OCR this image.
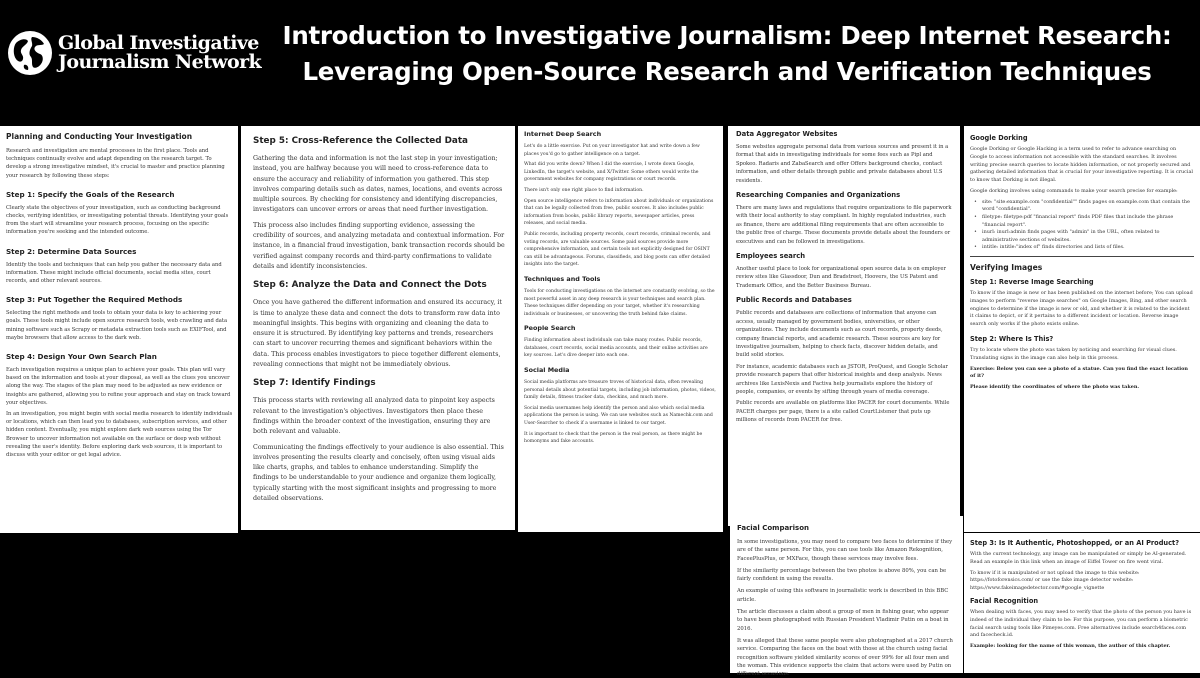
Global Investigative
Journalism Network
Introduction to Investigative Journalism: Deep Internet Research:
Leveraging Open-Source Research and Verification Techniques
Planning and Conducting Your Investigation

Research and investigation are mental processes in the first place. Tools and techniques continually evolve and adapt depending on the research target. To develop a strong investigative mindset, it's crucial to master and practice planning your research by following these steps:

Step 1: Specify the Goals of the Research

Clearly state the objectives of your investigation, such as conducting background checks, verifying identities, or investigating potential threats. Identifying your goals from the start will streamline your research process, focusing on the specific information you're seeking and the intended outcome.

Step 2: Determine Data Sources

Identify the tools and techniques that can help you gather the necessary data and information. These might include official documents, social media sites, court records, and other relevant sources.

Step 3: Put Together the Required Methods

Selecting the right methods and tools to obtain your data is key to achieving your goals. These tools might include open source research tools, web crawling and data mining software such as Scrapy or metadata extraction tools such as EXIFTool, and maybe browsers that allow access to the dark web.

Step 4: Design Your Own Search Plan

Each investigation requires a unique plan to achieve your goals. This plan will vary based on the information and tools at your disposal, as well as the clues you uncover along the way. The stages of the plan may need to be adjusted as new evidence or insights are gathered, allowing you to refine your approach and stay on track toward your objectives.

In an investigation, you might begin with social media research to identify individuals or locations, which can then lead you to databases, subscription services, and other hidden content. Eventually, you might explore dark web sources using the Tor Browser to uncover information not available on the surface or deep web without revealing the user's identity. Before exploring dark web sources, it is important to discuss with your editor or get legal advice.

Step 5: Cross-Reference the Collected Data

Gathering the data and information is not the last step in your investigation; instead, you are halfway because you will need to cross-reference data to ensure the accuracy and reliability of information you gathered. This step involves comparing details such as dates, names, locations, and events across multiple sources. By checking for consistency and identifying discrepancies, investigators can uncover errors or areas that need further investigation.

This process also includes finding supporting evidence, assessing the credibility of sources, and analyzing metadata and contextual information. For instance, in a financial fraud investigation, bank transaction records should be verified against company records and third-party confirmations to validate details and identify inconsistencies.

Step 6: Analyze the Data and Connect the Dots

Once you have gathered the different information and ensured its accuracy, it is time to analyze these data and connect the dots to transform raw data into meaningful insights. This begins with organizing and cleaning the data to ensure it is structured. By identifying key patterns and trends, researchers can start to uncover recurring themes and significant behaviors within the data. This process enables investigators to piece together different elements, revealing connections that might not be immediately obvious.

Step 7: Identify Findings

This process starts with reviewing all analyzed data to pinpoint key aspects relevant to the investigation's objectives. Investigators then place these findings within the broader context of the investigation, ensuring they are both relevant and valuable.

Communicating the findings effectively to your audience is also essential. This involves presenting the results clearly and concisely, often using visual aids like charts, graphs, and tables to enhance understanding. Simplify the findings to be understandable to your audience and organize them logically, typically starting with the most significant insights and progressing to more detailed observations.

Internet Deep Search

Let's do a little exercise. Put on your investigator hat and write down a few places you'd go to gather intelligence on a target.

What did you write down? When I did the exercise, I wrote down Google, LinkedIn, the target's website, and X/Twitter. Some others would write the government websites for company registrations or court records.

There isn't only one right place to find information.

Open source intelligence refers to information about individuals or organizations that can be legally collected from free, public sources. It also includes public information from books, public library reports, newspaper articles, press releases, and social media.

Public records, including property records, court records, criminal records, and voting records, are valuable sources. Some paid sources provide more comprehensive information, and certain tools not explicitly designed for OSINT can still be advantageous. Forums, classifieds, and blog posts can offer detailed insights into the target.

Techniques and Tools

Tools for conducting investigations on the internet are constantly evolving, so the most powerful asset in any deep research is your techniques and search plan. These techniques differ depending on your target, whether it's researching individuals or businesses, or uncovering the truth behind fake claims.

People Search

Finding information about individuals can take many routes. Public records, databases, court records, social media accounts, and their online activities are key sources. Let's dive deeper into each one.

Social Media

Social media platforms are treasure troves of historical data, often revealing personal details about potential targets, including job information, photos, videos, family details, fitness tracker data, checkins, and much more.

Social media usernames help identify the person and also which social media applications the person is using. We can use websites such as Namechk.com and User-Searcher to check if a username is linked to our target.

It is important to check that the person is the real person, as there might be homonyms and fake accounts.

Data Aggregator Websites

Some websites aggregate personal data from various sources and present it in a format that aids in investigating individuals for some fees such as Pipl and Spokeo. Radaris and ZabaSearch and offer Offers background checks, contact information, and other details through public and private databases about U.S residents.

Researching Companies and Organizations

There are many laws and regulations that require organizations to file paperwork with their local authority to stay compliant. In highly regulated industries, such as finance, there are additional filing requirements that are often accessible to the public free of charge. These documents provide details about the founders or executives and can be followed in investigations.

Employees search

Another useful place to look for organizational open source data is on employer review sites like Glassdoor, Dun and Bradstreet, Hoovers, the US Patent and Trademark Office, and the Better Business Bureau.

Public Records and Databases

Public records and databases are collections of information that anyone can access, usually managed by government bodies, universities, or other organizations. They include documents such as court records, property deeds, company financial reports, and academic research. These sources are key for investigative journalism, helping to check facts, discover hidden details, and build solid stories.

For instance, academic databases such as JSTOR, ProQuest, and Google Scholar provide research papers that offer historical insights and deep analysis. News archives like LexisNexis and Factiva help journalists explore the history of people, companies, or events by sifting through years of media coverage.

Public records are available on platforms like PACER for court documents. While PACER charges per page, there is a site called CourtListener that puts up millions of records from PACER for free.

Facial Comparison

In some investigations, you may need to compare two faces to determine if they are of the same person. For this, you can use tools like Amazon Rekognition, FaceePlusPlus, or MXFace, though these services may involve fees.

If the similarity percentage between the two photos is above 80%, you can be fairly confident in using the results.

An example of using this software in journalistic work is described in this BBC article.

The article discusses a claim about a group of men in fishing gear, who appear to have been photographed with Russian President Vladimir Putin on a boat in 2016.

It was alleged that these same people were also photographed at a 2017 church service. Comparing the faces on the boat with those at the church using facial recognition software yielded similarity scores of over 99% for all four men and the woman. This evidence supports the claim that actors were used by Putin on different occasions.

Google Dorking

Google Dorking or Google Hacking is a term used to refer to advance searching on Google to access information not accessible with the standard searches. It involves writing precise search queries to locate hidden information, or not properly secured and gathering detailed information that is crucial for your investigative reporting. It is crucial to know that Dorking is not illegal.

Google dorking involves using commands to make your search precise for example:

• site: "site:example.com "confidential"" finds pages on example.com that contain the word "confidential".
• filetype: filetype:pdf "financial report" finds PDF files that include the phrase "financial report".
• inurl: inurl:admin finds pages with "admin" in the URL, often related to administrative sections of websites.
• intitle: intitle:"index of" finds directories and lists of files.
Verifying Images
Step 1: Reverse Image Searching

To know if the image is new or has been published on the internet before; You can upload images to perform "reverse image searches" on Google Images, Bing, and other search engines to determine if the image is new or old, and whether it is related to the incident it claims to depict, or if it pertains to a different incident or location. Reverse image search only works if the photo exists online.

Step 2: Where Is This?

Try to locate where the photo was taken by noticing and searching for visual clues. Translating signs in the image can also help in this process.

Exercise: Below you can see a photo of a statue. Can you find the exact location of it?

Please identify the coordinates of where the photo was taken.

Step 3: Is It Authentic, Photoshopped, or an AI Product?

With the current technology, any image can be manipulated or simply be AI-generated. Read an example in this link when an image of Eiffel Tower on fire went viral.

To know if it is manipulated or not upload the image to this website: https://fotoforensics.com/ or use the fake image detector website: https://www.fakeimagedetector.com/#google_vignette

Facial Recognition

When dealing with faces, you may need to verify that the photo of the person you have is indeed of the individual they claim to be: For this purpose, you can perform a biometric facial search using tools like Pimeyes.com. Free alternatives include search4faces.com and facecheck.id.

Example: looking for the name of this woman, the author of this chapter.
